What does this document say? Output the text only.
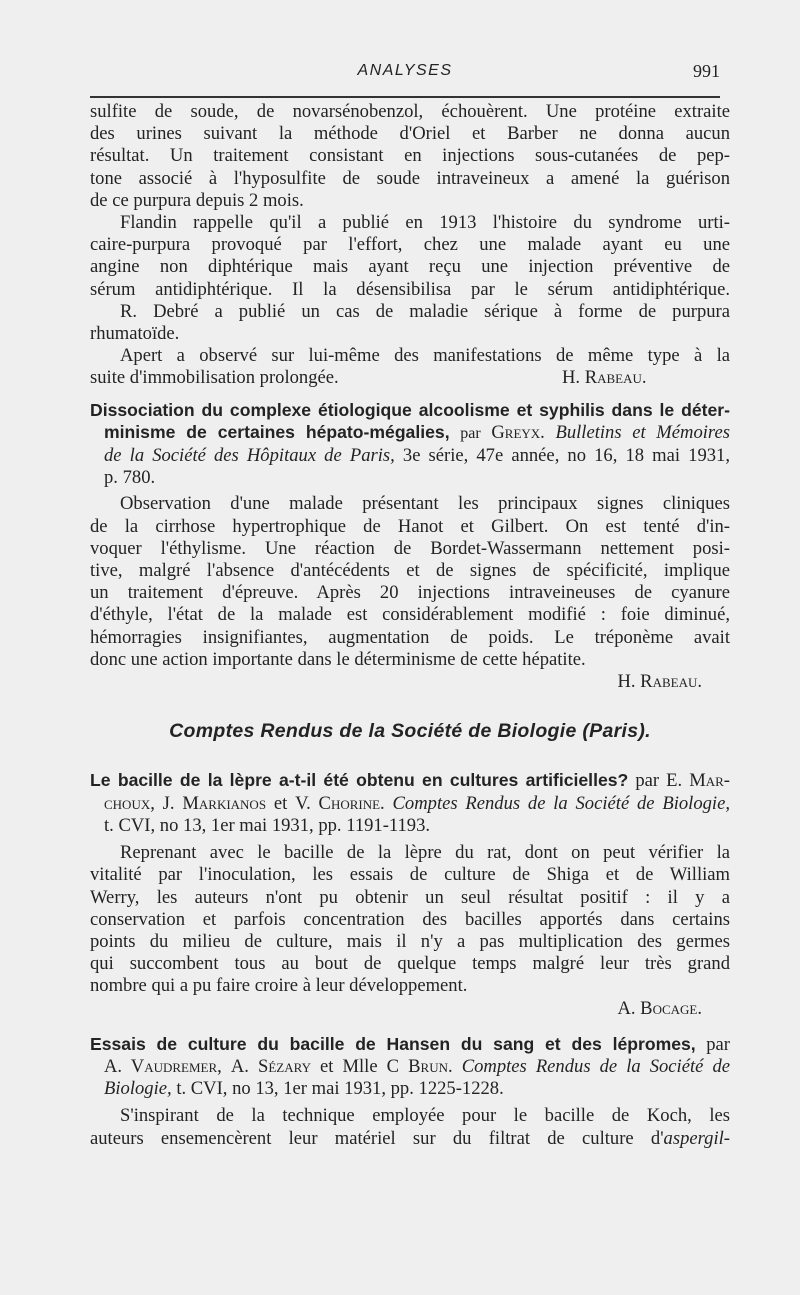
ANALYSES	991
sulfite de soude, de novarsénobenzol, échouèrent. Une protéine extraite
des urines suivant la méthode d'Oriel et Barber ne donna aucun
résultat. Un traitement consistant en injections sous-cutanées de pep-
tone associé à l'hyposulfite de soude intraveineux a amené la guérison
de ce purpura depuis 2 mois.
Flandin rappelle qu'il a publié en 1913 l'histoire du syndrome urti-
caire-purpura provoqué par l'effort, chez une malade ayant eu une
angine non diphtérique mais ayant reçu une injection préventive de
sérum antidiphtérique. Il la désensibilisa par le sérum antidiphtérique.
R. Debré a publié un cas de maladie sérique à forme de purpura
rhumatoïde.
Apert a observé sur lui-même des manifestations de même type à la
suite d'immobilisation prolongée.	H. Rabeau.
Dissociation du complexe étiologique alcoolisme et syphilis dans le déter-
minisme de certaines hépato-mégalies, par Greyx. Bulletins et Mémoires
de la Société des Hôpitaux de Paris, 3e série, 47e année, no 16, 18 mai 1931,
p. 780.
Observation d'une malade présentant les principaux signes cliniques
de la cirrhose hypertrophique de Hanot et Gilbert. On est tenté d'in-
voquer l'éthylisme. Une réaction de Bordet-Wassermann nettement posi-
tive, malgré l'absence d'antécédents et de signes de spécificité, implique
un traitement d'épreuve. Après 20 injections intraveineuses de cyanure
d'éthyle, l'état de la malade est considérablement modifié : foie diminué,
hémorragies insignifiantes, augmentation de poids. Le tréponème avait
donc une action importante dans le déterminisme de cette hépatite.
H. Rabeau.
Comptes Rendus de la Société de Biologie (Paris).
Le bacille de la lèpre a-t-il été obtenu en cultures artificielles? par E. Mar-
choux, J. Markianos et V. Chorine. Comptes Rendus de la Société de Biologie,
t. CVI, no 13, 1er mai 1931, pp. 1191-1193.
Reprenant avec le bacille de la lèpre du rat, dont on peut vérifier la
vitalité par l'inoculation, les essais de culture de Shiga et de William
Werry, les auteurs n'ont pu obtenir un seul résultat positif : il y a
conservation et parfois concentration des bacilles apportés dans certains
points du milieu de culture, mais il n'y a pas multiplication des germes
qui succombent tous au bout de quelque temps malgré leur très grand
nombre qui a pu faire croire à leur développement.
A. Bocage.
Essais de culture du bacille de Hansen du sang et des lépromes, par
A. Vaudremer, A. Sézary et Mlle C Brun. Comptes Rendus de la Société de
Biologie, t. CVI, no 13, 1er mai 1931, pp. 1225-1228.
S'inspirant de la technique employée pour le bacille de Koch, les
auteurs ensemencèrent leur matériel sur du filtrat de culture d'aspergil-
